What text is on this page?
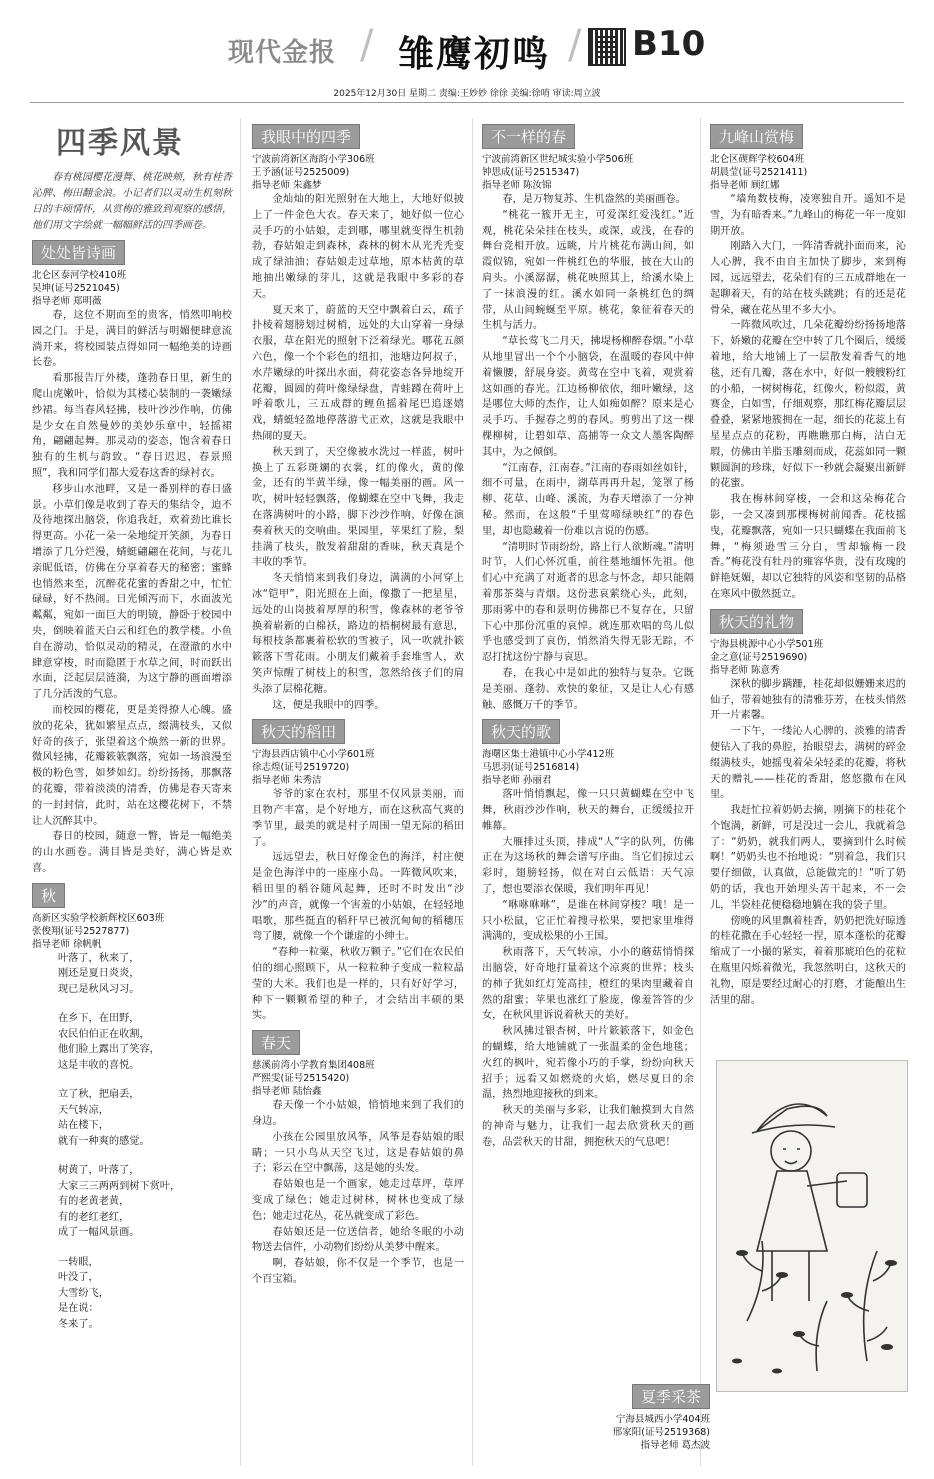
现代金报 / 雏鹰初鸣 / B10
2025年12月30日 星期二 责编:王妙妙 徐徐 美编:徐哨 审读:周立波
四季风景

春有桃园樱花漫舞、桃花映颊，秋有桂香沁脾、梅田翻金浪。小记者们以灵动生机刻秋日的丰硕情怀，从赏梅的雅致到观察的感悟，他们用文字绘就一幅幅鲜活的四季画卷。

处处皆诗画
北仑区泰河学校410班
吴坤(证号2521045)
指导老师 郑明薇

春，这位不期而至的贵客，悄然叩响校园之门。于是，满目的鲜活与明媚便肆意流淌开来，将校园装点得如同一幅绝美的诗画长卷。

看那报告厅外楼，蓬勃春日里，新生的爬山虎嫩叶，恰似为其楼心装制的一袭嫩绿纱裙。每当春风轻拂，枝叶沙沙作响，仿佛是少女在自然曼妙的美妙乐章中，轻摇裙角，翩翩起舞。那灵动的姿态，饱含着春日独有的生机与韵致。“春日迟迟，春景照照”，我和同学们都大爱春这香的绿衬衣。

移步山水池畔，又是一番别样的春日盛景。小草们像是收到了春天的集结令，迫不及待地探出脑袋，你追我赶，欢着劲比谁长得更高。小花一朵一朵地绽开笑颜，为春日增添了几分烂漫，蜻蜓翩翩在花间，与花儿亲昵低语，仿佛在分享着春天的秘密；蜜蜂也悄然来至，沉醉花花蜜的香甜之中，忙忙碌碌，好不热闹。日光倾泻而下，水面波光粼粼，宛如一面巨大的明镜，静卧于校园中央，倒映着蓝天白云和红色的教学楼。小鱼自在游动，恰似灵动的精灵，在澄澈的水中肆意穿梭，时而隐匿于水草之间，时而跃出水面，泛起层层涟漪，为这宁静的画面增添了几分活泼的气息。

而校园的樱花，更是美得撩人心魄。盛放的花朵，犹如繁星点点，缀满枝头，又似好奇的孩子，张望着这个焕然一新的世界。微风轻拂，花瓣簌簌飘落，宛如一场浪漫至极的粉色雪，如梦如幻。纷纷扬扬，那飘落的花瓣，带着淡淡的清香，仿佛是春天寄来的一封封信，此时，站在这樱花树下，不禁让人沉醉其中。

春日的校园，随意一瞥，皆是一幅绝美的山水画卷。满目皆是美好，满心皆是欢喜。

秋
高新区实验学校新辉校区603班
张俊翔(证号2527877)
指导老师 徐帆帆

叶落了，秋来了，

刚还是夏日炎炎，

现已是秋风习习。

在乡下，在田野，

农民伯伯正在收割，

他们脸上露出了笑容，

这是丰收的喜悦。

立了秋，把扇丢，

天气转凉，

站在楼下，

就有一种爽的感觉。

树黄了，叶落了，

大家三三两两到树下赏叶，

有的老黄老黄，

有的老红老红，

成了一幅风景画。

一转眼，

叶没了，

大雪纷飞，

是在说：

冬来了。

我眼中的四季
宁波前湾新区海韵小学306班
王予涵(证号2525009)
指导老师 朱鑫梦

金灿灿的阳光照射在大地上，大地好似披上了一件金色大衣。春天来了，她好似一位心灵手巧的小姑娘，走到哪，哪里就变得生机勃勃，春姑娘走到森林，森林的树木从光秃秃变成了绿油油；春姑娘走过草地，原本枯黄的草地抽出嫩绿的芽儿，这就是我眼中多彩的春天。

夏天来了，蔚蓝的天空中飘着白云，疏子扑棱着翅膀划过树梢，远处的大山穿着一身绿衣服，草在阳光的照射下泛着绿光。哪花五颜六色，像一个个彩色的纽扣，池塘边阿叔子，水芹嫩绿的叶探出水面，荷花姿态各异地绽开花瓣，圆圆的荷叶像绿绿盘，青蛙蹲在荷叶上呼着歌儿，三五成群的鲤鱼摇着尾巴追逐嬉戏，蜻蜓轻盈地停落游弋正欢，这就是我眼中热闹的夏天。

秋天到了，天空像被水洗过一样蓝，树叶换上了五彩斑斓的衣裳，红的像火，黄的像金，还有的半黄半绿，像一幅美丽的画。风一吹，树叶轻轻飘落，像蝴蝶在空中飞舞，我走在落满树叶的小路，脚下沙沙作响，好像在演奏着秋天的交响曲。果园里，苹果红了脸，梨挂满了枝头，散发着甜甜的香味，秋天真是个丰收的季节。

冬天悄悄来到我们身边，满满的小河穿上冰“铠甲”，阳光照在上面，像撒了一把星星，远处的山岗披着厚厚的积雪，像森林的老爷爷换着崭新的白棉袄，路边的梧桐树最有意思，每根枝条都裹着松软的雪被子，风一吹就扑簌簌落下雪花雨。小朋友们戴着手套堆雪人，欢笑声惊醒了树枝上的积雪，忽然给孩子们的肩头添了层棉花糖。

这，便是我眼中的四季。

秋天的稻田
宁海县西店镇中心小学601班
徐志煌(证号2519720)
指导老师 朱秀洁

爷爷的家在农村，那里不仅风景美丽，而且物产丰富，是个好地方，而在这秋高气爽的季节里，最美的就是村子周围一望无际的稻田了。

远远望去，秋日好像金色的海洋，村庄便是金色海洋中的一座座小岛。一阵微风吹来，稻田里的稻谷随风起舞，还时不时发出“沙沙”的声音，就像一个害羞的小姑娘，在轻轻地唱歌，那些挺直的稻秆早已被沉甸甸的稻穗压弯了腰，就像一个个谦虚的小绅士。

“春种一粒粟，秋收万颗子。”它们在农民伯伯的细心照顾下，从一粒粒种子变成一粒粒晶莹的大米。我们也是一样的，只有好好学习，种下一颗颗希望的种子，才会结出丰硕的果实。

春天
慈溪前湾小学教育集团408班
严熙雯(证号2515420)
指导老师 陆怡鑫

春天像一个小姑娘，悄悄地来到了我们的身边。

小孩在公园里放风筝，风筝是春姑娘的眼睛；一只小鸟从天空飞过，这是春姑娘的鼻子；彩云在空中飘荡，这是她的头发。

春姑娘也是一个画家，她走过草坪，草坪变成了绿色；她走过树林，树林也变成了绿色；她走过花丛，花丛就变成了彩色。

春姑娘还是一位送信者，她给冬眠的小动物送去信件，小动物们纷纷从美梦中醒来。

啊，春姑娘，你不仅是一个季节，也是一个百宝箱。

不一样的春
宁波前湾新区世纪城实验小学506班
钟思成(证号2515347)
指导老师 陈汝锦

春，是万物复苏、生机盎然的美丽画卷。

“桃花一簇开无主，可爱深红爱浅红。”近观，桃花朵朵挂在枝头，或深，或浅，在春的舞台竞相开放。远眺，片片桃花布满山间，如霞似锦，宛如一件桃红色的华服，披在大山的肩头。小溪潺潺，桃花映照其上，给溪水染上了一抹浪漫的红。溪水如同一条桃红色的绸带，从山间蜿蜒至平原。桃花，象征着春天的生机与活力。

“草长莺飞二月天，拂堤杨柳醉春烟。”小草从地里冒出一个个小脑袋，在温暖的春风中伸着懒腰，舒展身姿。黄莺在空中飞着，观赏着这如画的春光。江边杨柳依依，细叶嫩绿，这是哪位大师的杰作，让人如痴如醉？原来是心灵手巧、手握春之剪的春风。剪剪出了这一棵棵柳树，让碧如草、高捕等一众文人墨客陶醉其中，为之倾倒。

“江南春，江南春。”江南的春雨如丝如针，细不可量，在雨中，湖草再再升起，笼罩了杨柳、花草、山峰、溪流，为春天增添了一分神秘。然而，在这般“千里莺啼绿映红”的春色里，却也隐藏着一份难以言说的伤感。

“清明时节雨纷纷，路上行人欲断魂。”清明时节，人们心怀沉重，前往墓地缅怀先祖。他们心中充满了对逝者的思念与怀念，却只能隔着那茶葵与青烟。这份悲哀萦绕心头，此刻，那雨雾中的春和景明仿佛都已不复存在，只留下心中那份沉重的哀悼。就连那欢唱的鸟儿似乎也感受到了哀伤，悄然消失得无影无踪，不忍打扰这份宁静与哀思。

春，在我心中是如此的独特与复杂。它既是美丽、蓬勃、欢快的象征，又是让人心有感触、感慨万千的季节。

秋天的歌
海曙区集士港镇中心小学412班
马思羽(证号2516814)
指导老师 孙丽君

落叶悄悄飘起，像一只只黄蝴蝶在空中飞舞，秋雨沙沙作响，秋天的舞台，正缓缓拉开帷幕。

大雁排过头顶，排成“人”字的队列，仿佛正在为这场秋的舞会谱写序曲。当它们掠过云彩时，翅膀轻扬，似在对白云低语：天气凉了，想也要添衣保暖，我们明年再见！

“咻咻咻咻”，是谁在林间穿梭？哦！是一只小松鼠，它正忙着搜寻松果，要把家里堆得满满的，变成松果的小王国。

秋雨落下，天气转凉，小小的蘑菇悄悄探出脑袋，好奇地打量着这个凉爽的世界；枝头的柿子犹如红灯笼高挂，橙红的果肉里藏着自然的甜蜜；苹果也涨红了脸庞，像羞答答的少女，在秋风里诉说着秋天的美好。

秋风拂过银杏树，叶片簌簌落下，如金色的蝴蝶，给大地铺就了一张温柔的金色地毯；火红的枫叶，宛若像小巧的手掌，纷纷向秋天招手；远看又如燃烧的火焰，燃尽夏日的余温，热烈地迎接秋的到来。

秋天的美丽与多彩，让我们触摸到大自然的神奇与魅力，让我们一起去欣赏秋天的画卷，品尝秋天的甘甜，拥抱秋天的气息吧！

九峰山赏梅
北仑区碶辉学校604班
胡晨莹(证号2521411)
指导老师 顾红娜

“墙角数枝梅，凌寒独自开。遥知不是雪，为有暗香来。”九峰山的梅花一年一度如期开放。

刚踏入大门，一阵清香就扑面而来，沁人心脾，我不由自主加快了脚步，来到梅园，远远望去，花朵们有的三五成群地在一起聊着天，有的站在枝头跳跳；有的还是花骨朵，藏在花丛里不多大小。

一阵微风吹过，几朵花瓣纷纷扬扬地落下，娇嫩的花瓣在空中转了几个圈后，缓缓着地，给大地铺上了一层散发着香气的地毯，还有几瓣，落在水中，好似一艘艘粉红的小船，一树树梅花，红像火，粉似霞，黄赛金，白如雪，仔细观察，那红梅花瓣层层叠叠，紧紧地簇拥在一起，细长的花蕊上有星星点点的花粉，再瞧瞧那白梅，洁白无瑕，仿佛由羊脂玉雕刻而成，花蕊如同一颗颗圆润的珍珠，好似下一秒就会凝聚出新鲜的花蜜。

我在梅林间穿梭，一会和这朵梅花合影，一会又凑到那棵梅树前闻香。花枝摇曳，花瓣飘落，宛如一只只蝴蝶在我面前飞舞，“梅须逊雪三分白，雪却输梅一段香。”梅花没有牡丹的雍容华贵，没有玫瑰的鲜艳妩媚，却以它独特的风姿和坚韧的品格在寒风中傲然挺立。

秋天的礼物
宁海县桃源中心小学501班
金之意(证号2519690)
指导老师 陈意秀

深秋的脚步蹒跚，桂花却似姗姗来迟的仙子，带着她独有的清雅芬芳，在枝头悄然开一片素馨。

一下午，一缕沁人心脾的、淡雅的清香便钻入了我的鼻腔，抬眼望去，满树的碎金缀满枝头，她摇曳着朵朵轻柔的花瓣，将秋天的赠礼——桂花的香甜，悠悠撒布在风里。

我赶忙拉着奶奶去摘，刚摘下的桂花个个饱满，新鲜，可是没过一会儿，我就着急了：“奶奶，就我们两人，要摘到什么时候啊！”奶奶头也不抬地说：“别着急，我们只要仔细做，认真做，总能做完的！”听了奶奶的话，我也开始埋头苦干起来，不一会儿，半袋桂花便稳稳地躺在我的袋子里。

傍晚的风里飘着桂香，奶奶把洗好晾透的桂花撒在手心轻轻一捏，原本蓬松的花瓣缩成了一小撮的紧实，着着那琥珀色的花粒在瓶里闪烁着微光，我忽然明白，这秋天的礼物，原是要经过耐心的打磨，才能酿出生活里的甜。

夏季采茶
宁海县城西小学404班
邢家阳(证号2519368)
指导老师 葛杰波
